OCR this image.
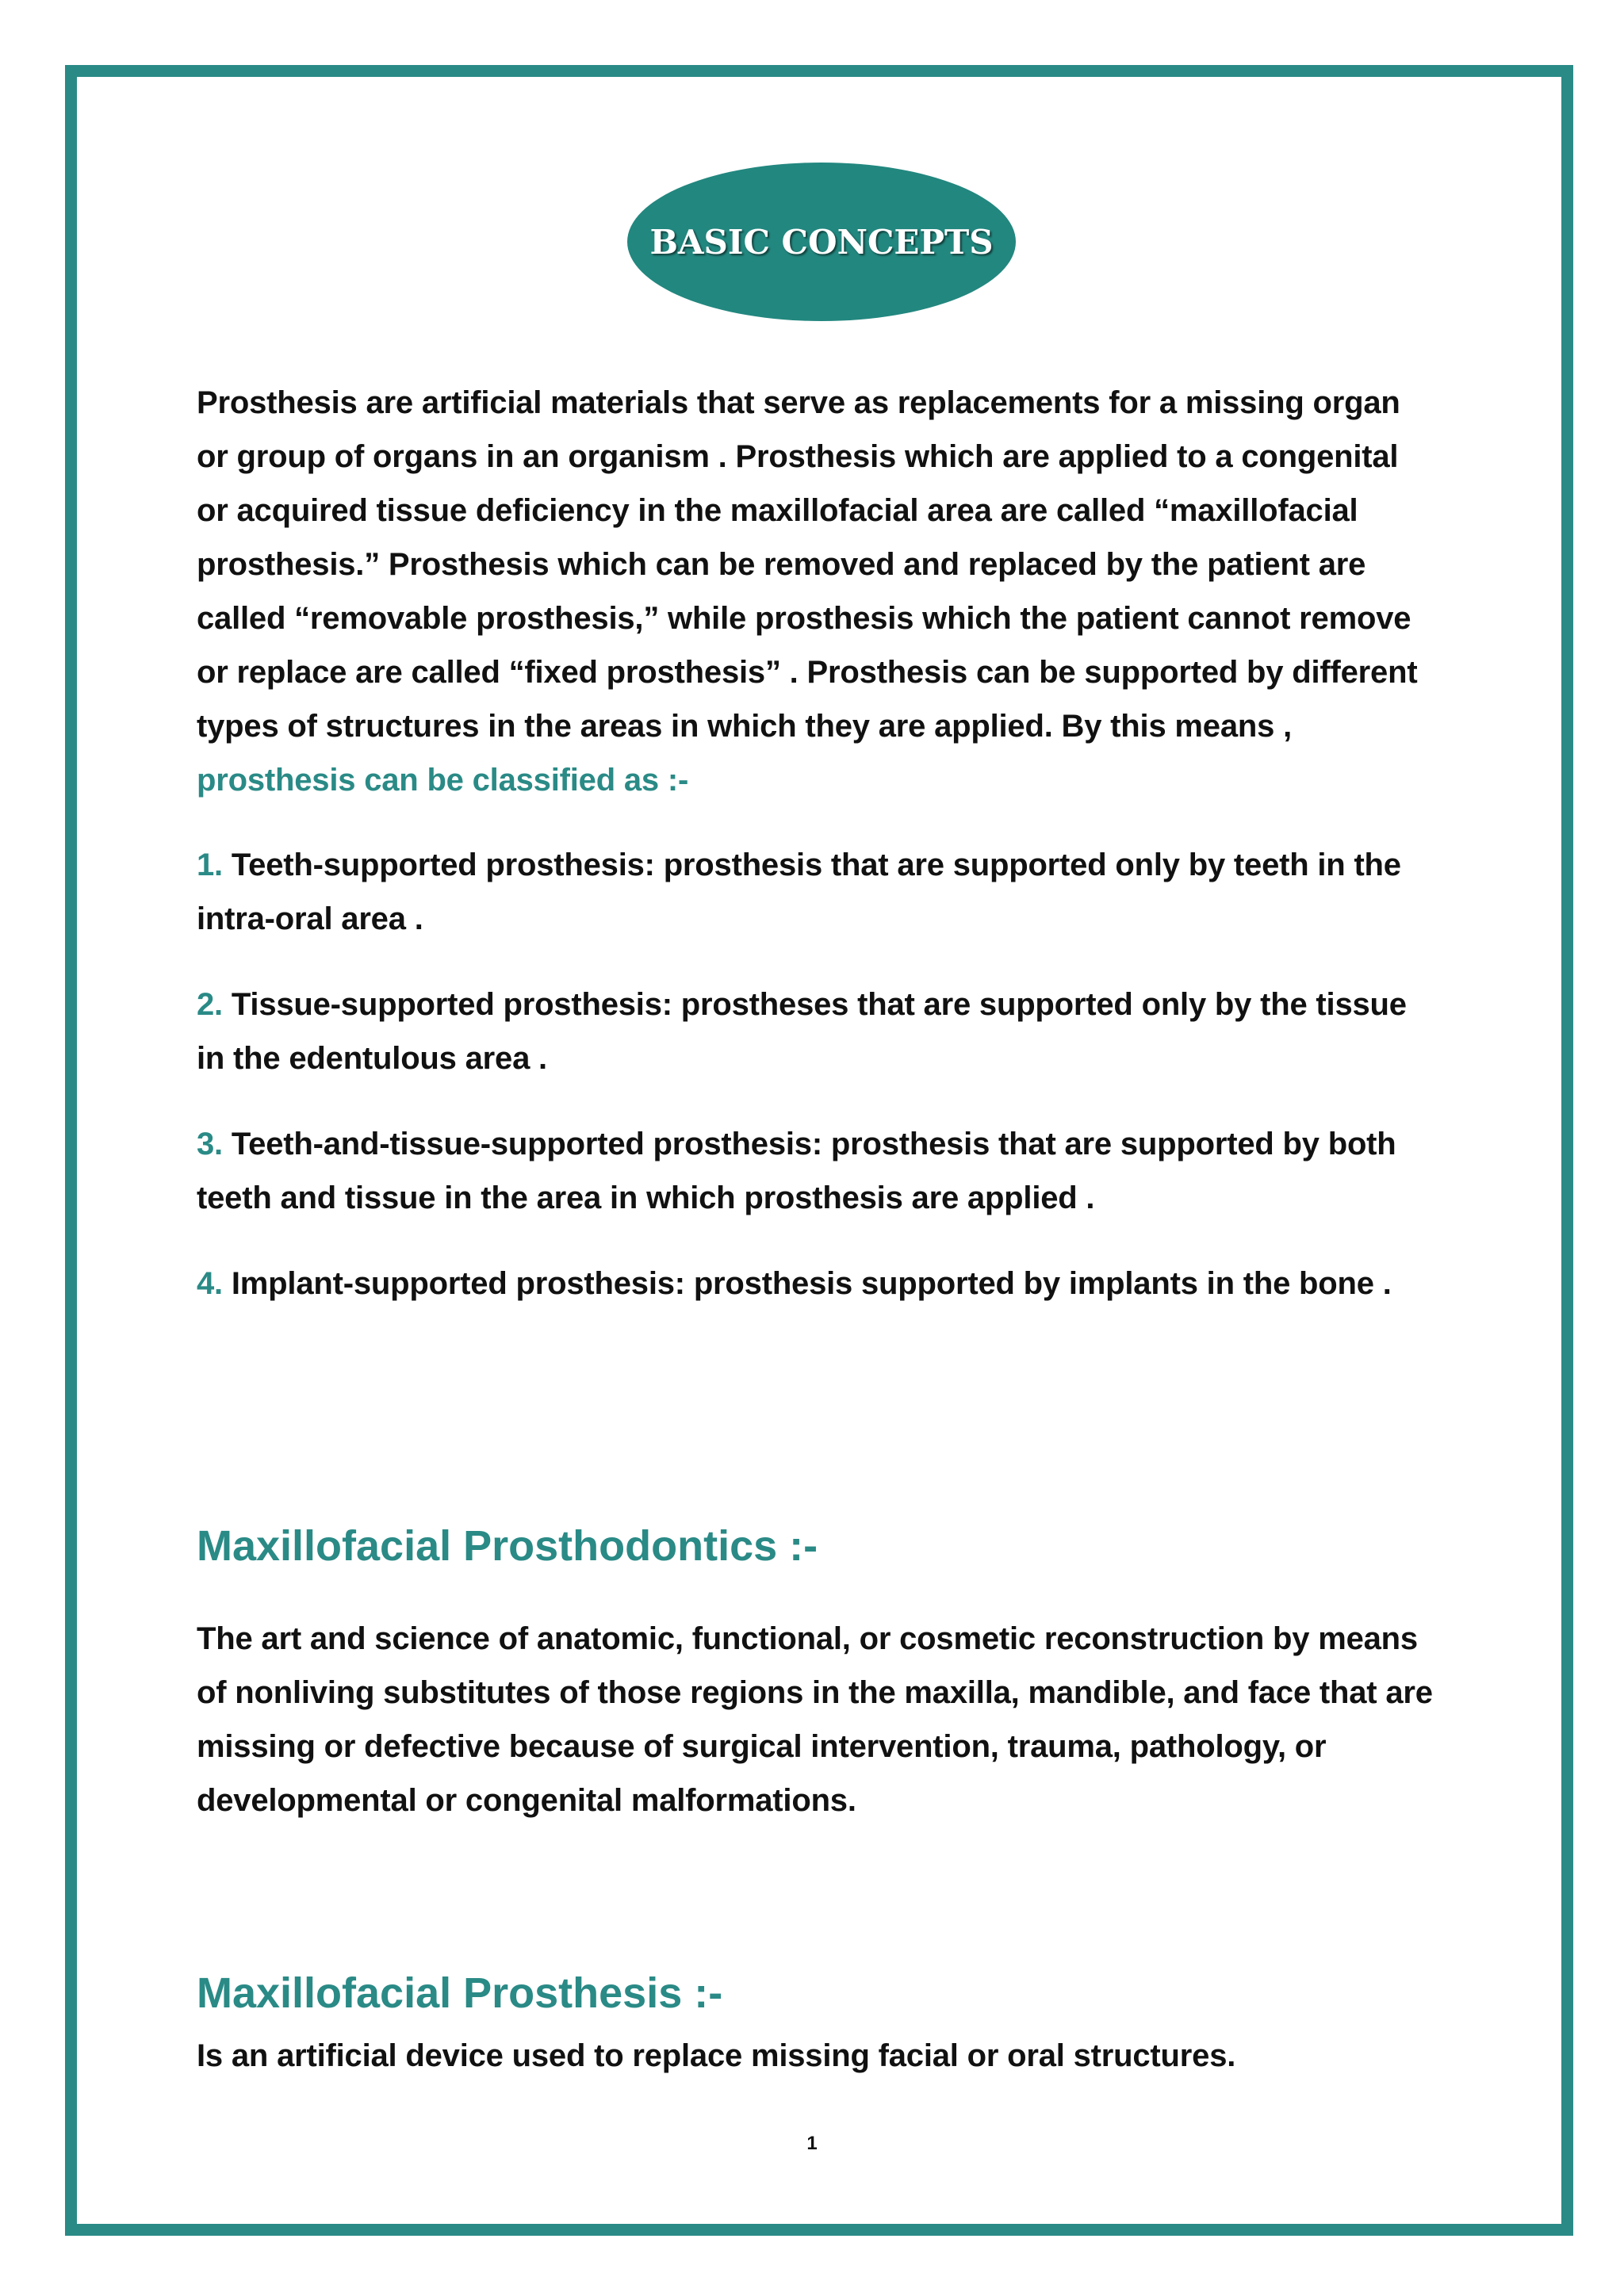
BASIC CONCEPTS

Prosthesis are artificial materials that serve as replacements for a missing organ or group of organs in an organism . Prosthesis which are applied to a congenital or acquired tissue deficiency in the maxillofacial area are called “maxillofacial prosthesis.” Prosthesis which can be removed and replaced by the patient are called “removable prosthesis,” while prosthesis which the patient cannot remove or replace are called “fixed prosthesis” . Prosthesis can be supported by different types of structures in the areas in which they are applied. By this means , prosthesis can be classified as :-

1. Teeth-supported prosthesis: prosthesis that are supported only by teeth in the intra-oral area .

2. Tissue-supported prosthesis: prostheses that are supported only by the tissue in the edentulous area .

3. Teeth-and-tissue-supported prosthesis: prosthesis that are supported by both teeth and tissue in the area in which prosthesis are applied .

4. Implant-supported prosthesis: prosthesis supported by implants in the bone .

Maxillofacial Prosthodontics :-

The art and science of anatomic, functional, or cosmetic reconstruction by means of nonliving substitutes of those regions in the maxilla, mandible, and face that are missing or defective because of surgical intervention, trauma, pathology, or developmental or congenital malformations.

Maxillofacial Prosthesis :-

Is an artificial device used to replace missing facial or oral structures.

1
